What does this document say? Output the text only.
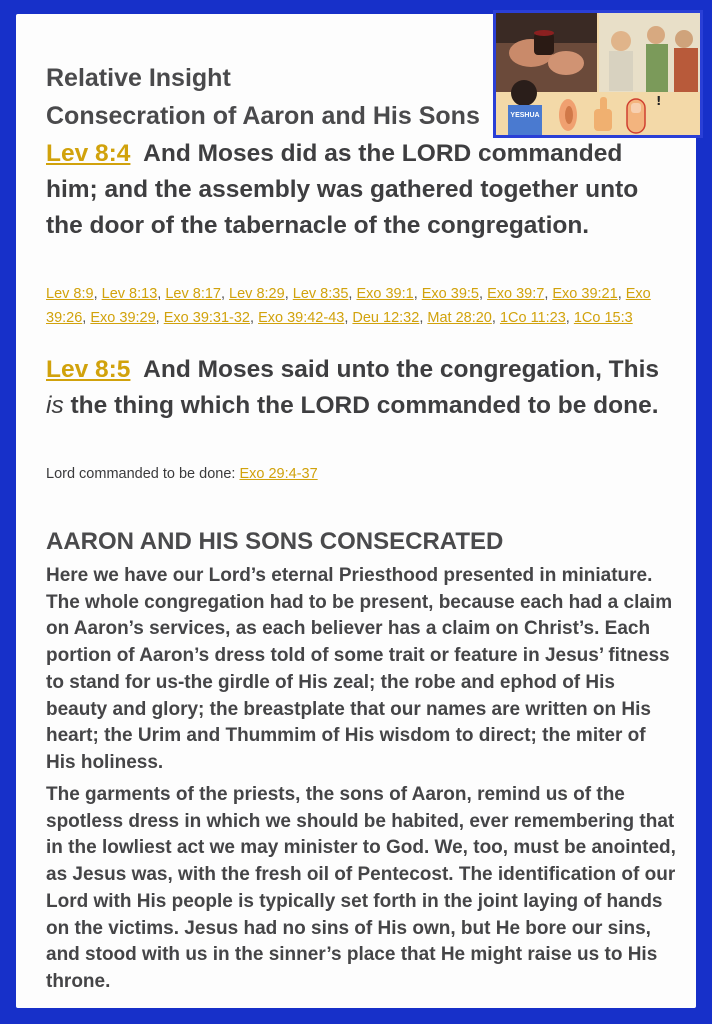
Relative Insight
Consecration of Aaron and His Sons
Lev 8:4 And Moses did as the LORD commanded him; and the assembly was gathered together unto the door of the tabernacle of the congregation.
Lev 8:9, Lev 8:13, Lev 8:17, Lev 8:29, Lev 8:35, Exo 39:1, Exo 39:5, Exo 39:7, Exo 39:21, Exo 39:26, Exo 39:29, Exo 39:31-32, Exo 39:42-43, Deu 12:32, Mat 28:20, 1Co 11:23, 1Co 15:3
Lev 8:5 And Moses said unto the congregation, This is the thing which the LORD commanded to be done.
Lord commanded to be done: Exo 29:4-37
AARON AND HIS SONS CONSECRATED
Here we have our Lord’s eternal Priesthood presented in miniature. The whole congregation had to be present, because each had a claim on Aaron’s services, as each believer has a claim on Christ’s. Each portion of Aaron’s dress told of some trait or feature in Jesus’ fitness to stand for us-the girdle of His zeal; the robe and ephod of His beauty and glory; the breastplate that our names are written on His heart; the Urim and Thummim of His wisdom to direct; the miter of His holiness.
The garments of the priests, the sons of Aaron, remind us of the spotless dress in which we should be habited, ever remembering that in the lowliest act we may minister to God. We, too, must be anointed, as Jesus was, with the fresh oil of Pentecost. The identification of our Lord with His people is typically set forth in the joint laying of hands on the victims. Jesus had no sins of His own, but He bore our sins, and stood with us in the sinner’s place that He might raise us to His throne.
YESHUA
!
